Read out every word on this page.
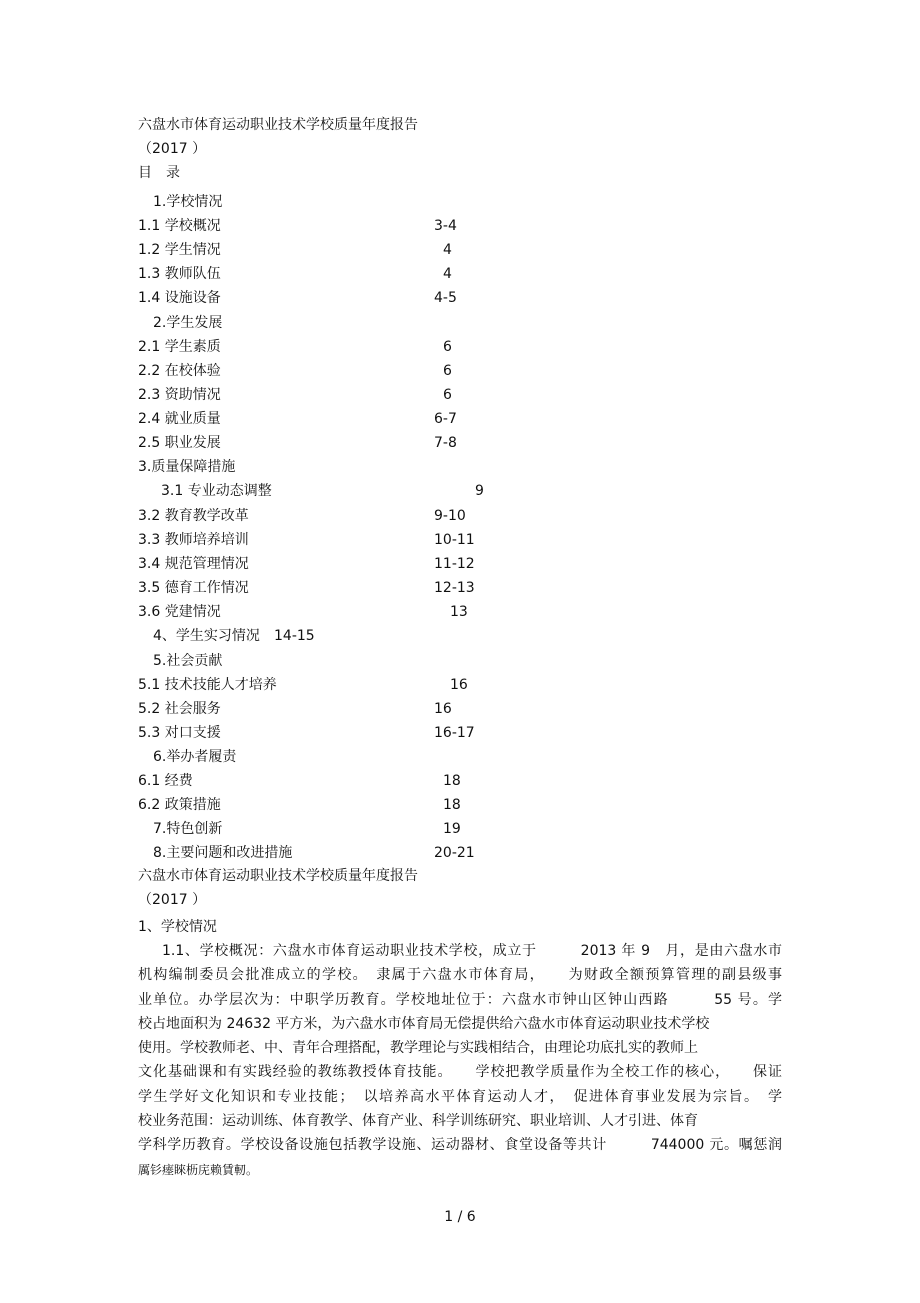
六盘水市体育运动职业技术学校质量年度报告
（2017 ）
目　录
1.学校情况
1.1 学校概况	3-4
1.2 学生情况	4
1.3 教师队伍	4
1.4 设施设备	4-5
2.学生发展
2.1 学生素质	6
2.2 在校体验	6
2.3 资助情况	6
2.4 就业质量	6-7
2.5 职业发展	7-8
3.质量保障措施
3.1 专业动态调整	9
3.2 教育教学改革	9-10
3.3 教师培养培训	10-11
3.4 规范管理情况	11-12
3.5 德育工作情况	12-13
3.6 党建情况	13
4、学生实习情况 14-15
5.社会贡献
5.1 技术技能人才培养	16
5.2 社会服务	16
5.3 对口支援	16-17
6.举办者履责
6.1 经费	18
6.2 政策措施	18
7.特色创新	19
8.主要问题和改进措施	20-21
六盘水市体育运动职业技术学校质量年度报告
（2017 ）
1、学校情况
1.1、学校概况：六盘水市体育运动职业技术学校，成立于　　　2013 年 9　月，是由六盘水市
机构编制委员会批准成立的学校。　隶属于六盘水市体育局，　　为财政全额预算管理的副县级事
业单位。办学层次为：中职学历教育。学校地址位于：六盘水市钟山区钟山西路　　　55 号。学
校占地面积为 24632 平方米，为六盘水市体育局无偿提供给六盘水市体育运动职业技术学校
使用。学校教师老、中、青年合理搭配，教学理论与实践相结合，由理论功底扎实的教师上
文化基础课和有实践经验的教练教授体育技能。　　学校把教学质量作为全校工作的核心，　　保证
学生学好文化知识和专业技能；　以培养高水平体育运动人才，　促进体育事业发展为宗旨。　学
校业务范围：运动训练、体育教学、体育产业、科学训练研究、职业培训、人才引进、体育
学科学历教育。学校设备设施包括教学设施、运动器材、食堂设备等共计　　　744000 元。嘱惩润
厲钐瘗睞枥庑赖賃軔。
1 / 6
